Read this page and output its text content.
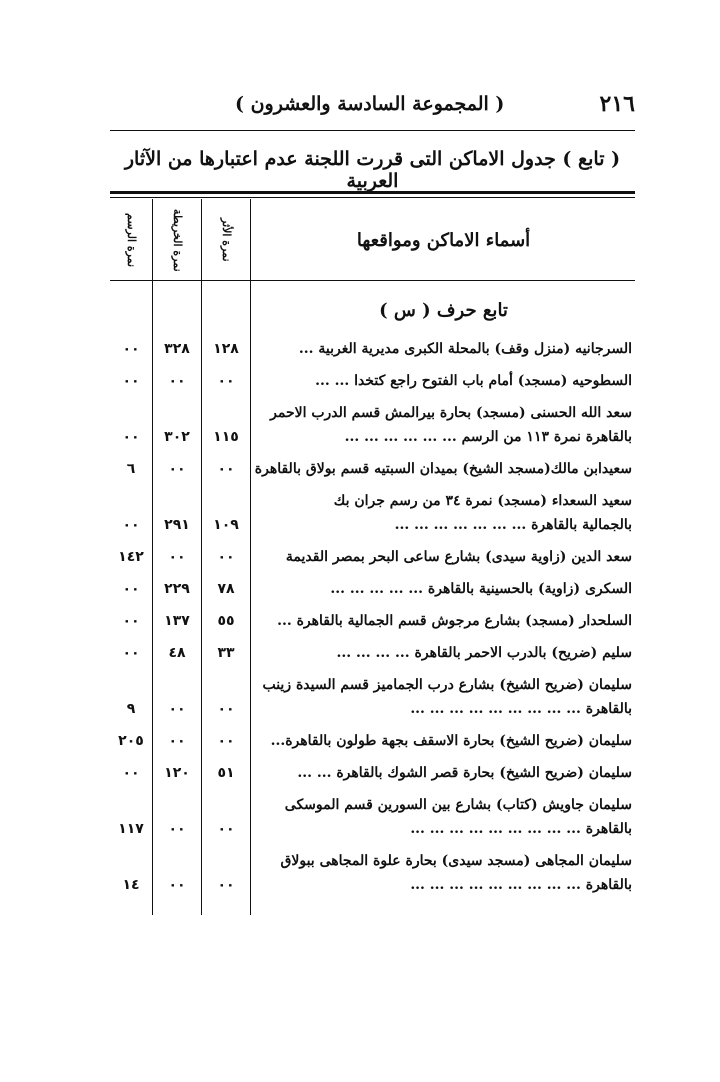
٢١٦
( المجموعة السادسة والعشرون )
( تابع ) جدول الاماكن التى قررت اللجنة عدم اعتبارها من الآثار العربية
أسماء الاماكن ومواقعها
نمرة الأثر
نمرة الخريطة
نمرة الرسم
تابع حرف ( س )
السرجانيه (منزل وقف) بالمحلة الكبرى مديرية الغربية ...
١٢٨
٣٢٨
٠٠
السطوحيه (مسجد) أمام باب الفتوح راجع كتخدا ... ...
٠٠
٠٠
٠٠
سعد الله الحسنى (مسجد) بحارة بيرالمش قسم الدرب الاحمر
بالقاهرة نمرة ١١٣ من الرسم ... ... ... ... ... ...
١١٥
٣٠٢
٠٠
سعيدابن مالك(مسجد الشيخ) بميدان السبتيه قسم بولاق بالقاهرة
٠٠
٠٠
٦
سعيد السعداء (مسجد) نمرة ٣٤ من رسم جران بك
بالجمالية بالقاهرة ... ... ... ... ... ... ...
١٠٩
٢٩١
٠٠
سعد الدين (زاوية سيدى) بشارع ساعى البحر بمصر القديمة
٠٠
٠٠
١٤٢
السكرى (زاوية) بالحسينية بالقاهرة ... ... ... ... ...
٧٨
٢٢٩
٠٠
السلحدار (مسجد) بشارع مرجوش قسم الجمالية بالقاهرة ...
٥٥
١٣٧
٠٠
سليم (ضريح) بالدرب الاحمر بالقاهرة ... ... ... ...
٣٣
٤٨
٠٠
سليمان (ضريح الشيخ) بشارع درب الجماميز قسم السيدة زينب
بالقاهرة ... ... ... ... ... ... ... ... ...
٠٠
٠٠
٩
سليمان (ضريح الشيخ) بحارة الاسقف بجهة طولون بالقاهرة...
٠٠
٠٠
٢٠٥
سليمان (ضريح الشيخ) بحارة قصر الشوك بالقاهرة ... ...
٥١
١٢٠
٠٠
سليمان جاويش (كتاب) بشارع بين السورين قسم الموسكى
بالقاهرة ... ... ... ... ... ... ... ... ...
٠٠
٠٠
١١٧
سليمان المجاهى (مسجد سيدى) بحارة علوة المجاهى ببولاق
بالقاهرة ... ... ... ... ... ... ... ... ...
٠٠
٠٠
١٤
